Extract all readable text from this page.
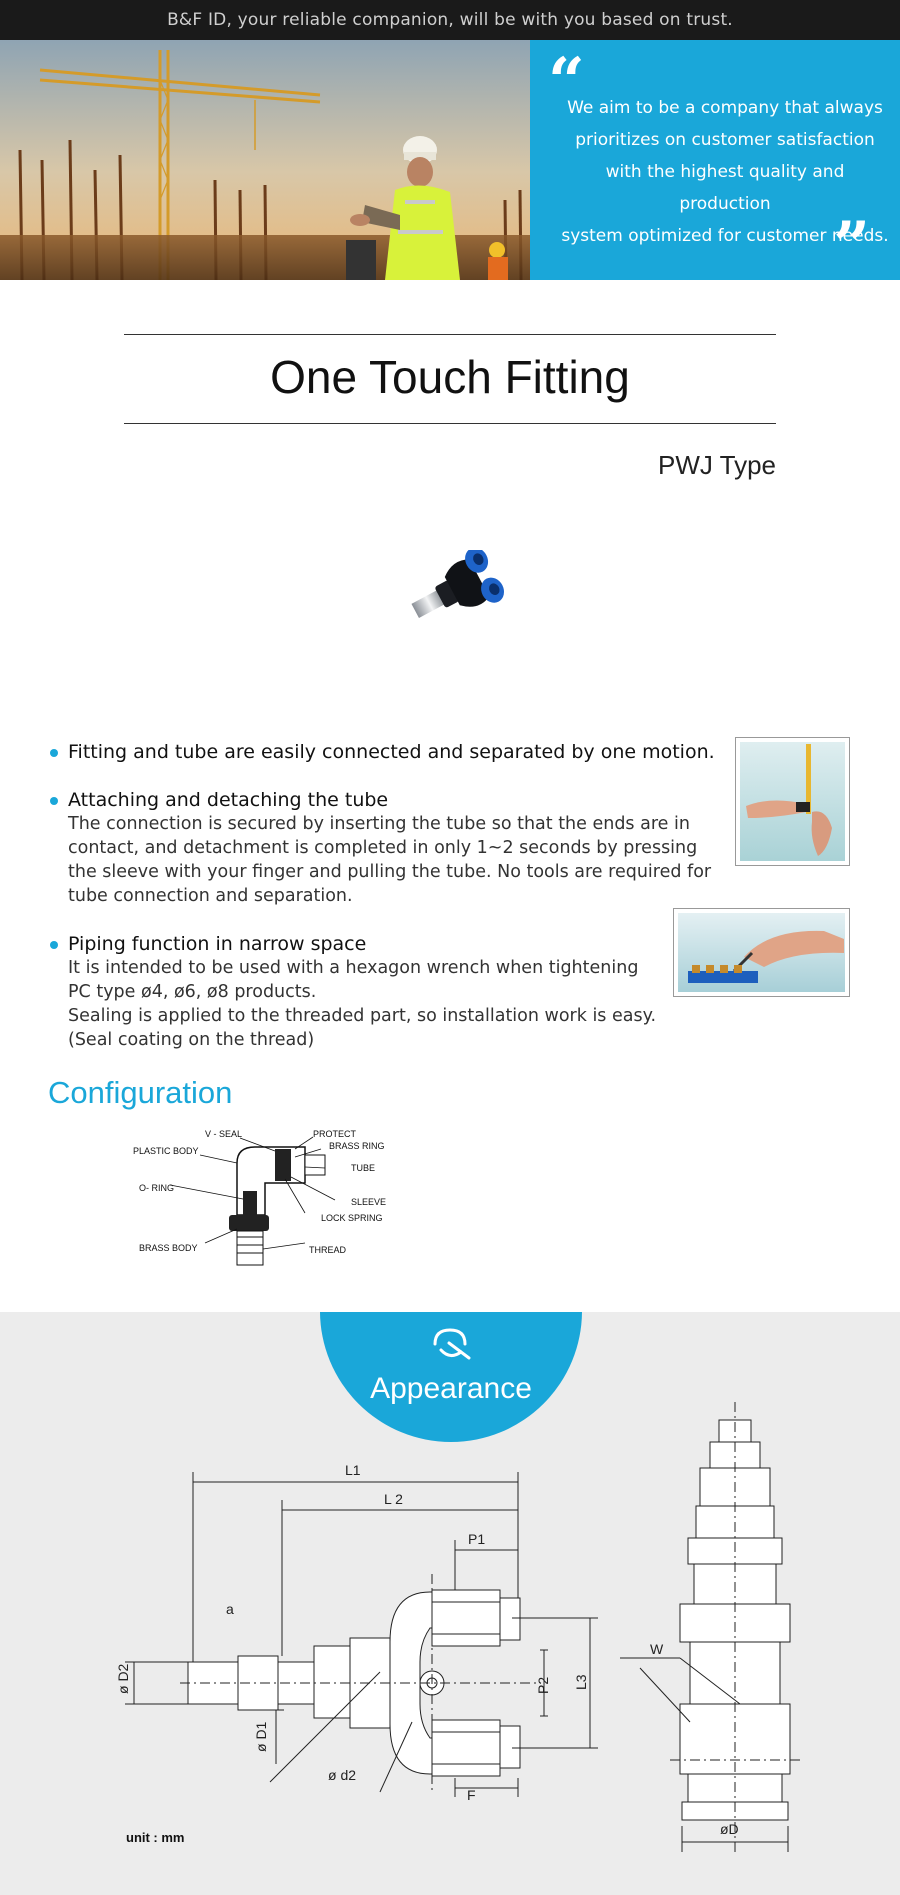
B&F ID, your reliable companion, will be with you based on trust.
“
We aim to be a company that always
prioritizes on customer satisfaction
with the highest quality and production
system optimized for customer needs.
”
One Touch Fitting
PWJ Type
Fitting and tube are easily connected and separated by one motion.
Attaching and detaching the tube
The connection is secured by inserting the tube so that the ends are in
contact, and detachment is completed in only 1~2 seconds by pressing
the sleeve with your finger and pulling the tube. No tools are required for
tube connection and separation.
Piping function in narrow space
It is intended to be used with a hexagon wrench when tightening
PC type ø4, ø6, ø8 products.
Sealing is applied to the threaded part, so installation work is easy.
(Seal coating on the thread)
Configuration
V - SEAL	PROTECT
PLASTIC BODY	BRASS RING
TUBE
O- RING
SLEEVE
LOCK SPRING
BRASS BODY	THREAD
Appearance
L1
L 2
P1
a
ø D2
ø D1
P2 L3
ø d2
F
W
øD
unit : mm
